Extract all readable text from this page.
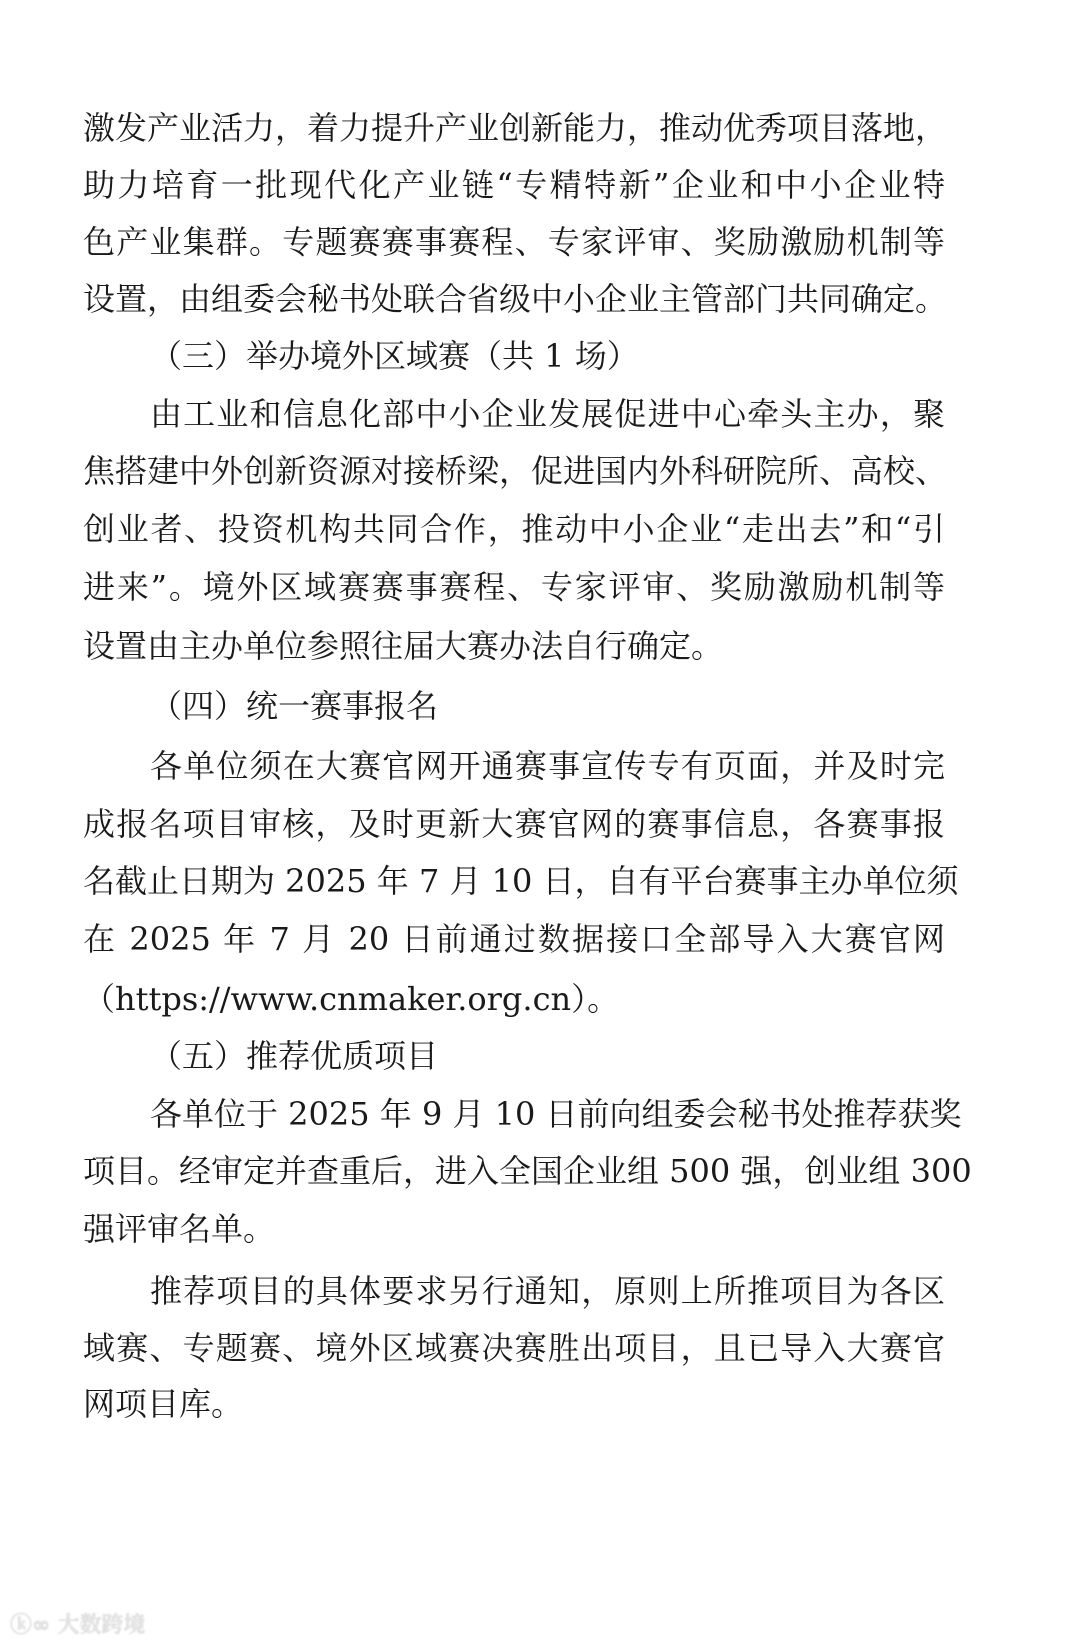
激发产业活力，着力提升产业创新能力，推动优秀项目落地，
助力培育一批现代化产业链“专精特新”企业和中小企业特
色产业集群。专题赛赛事赛程、专家评审、奖励激励机制等
设置，由组委会秘书处联合省级中小企业主管部门共同确定。
（三）举办境外区域赛（共 1 场）
由工业和信息化部中小企业发展促进中心牵头主办，聚
焦搭建中外创新资源对接桥梁，促进国内外科研院所、高校、
创业者、投资机构共同合作，推动中小企业“走出去”和“引
进来”。境外区域赛赛事赛程、专家评审、奖励激励机制等
设置由主办单位参照往届大赛办法自行确定。
（四）统一赛事报名
各单位须在大赛官网开通赛事宣传专有页面，并及时完
成报名项目审核，及时更新大赛官网的赛事信息，各赛事报
名截止日期为 2025 年 7 月 10 日，自有平台赛事主办单位须
在 2025 年 7 月 20 日前通过数据接口全部导入大赛官网
（https://www.cnmaker.org.cn）。
（五）推荐优质项目
各单位于 2025 年 9 月 10 日前向组委会秘书处推荐获奖
项目。经审定并查重后，进入全国企业组 500 强，创业组 300
强评审名单。
推荐项目的具体要求另行通知，原则上所推项目为各区
域赛、专题赛、境外区域赛决赛胜出项目，且已导入大赛官
网项目库。
ⓚ∞ 大数跨境
